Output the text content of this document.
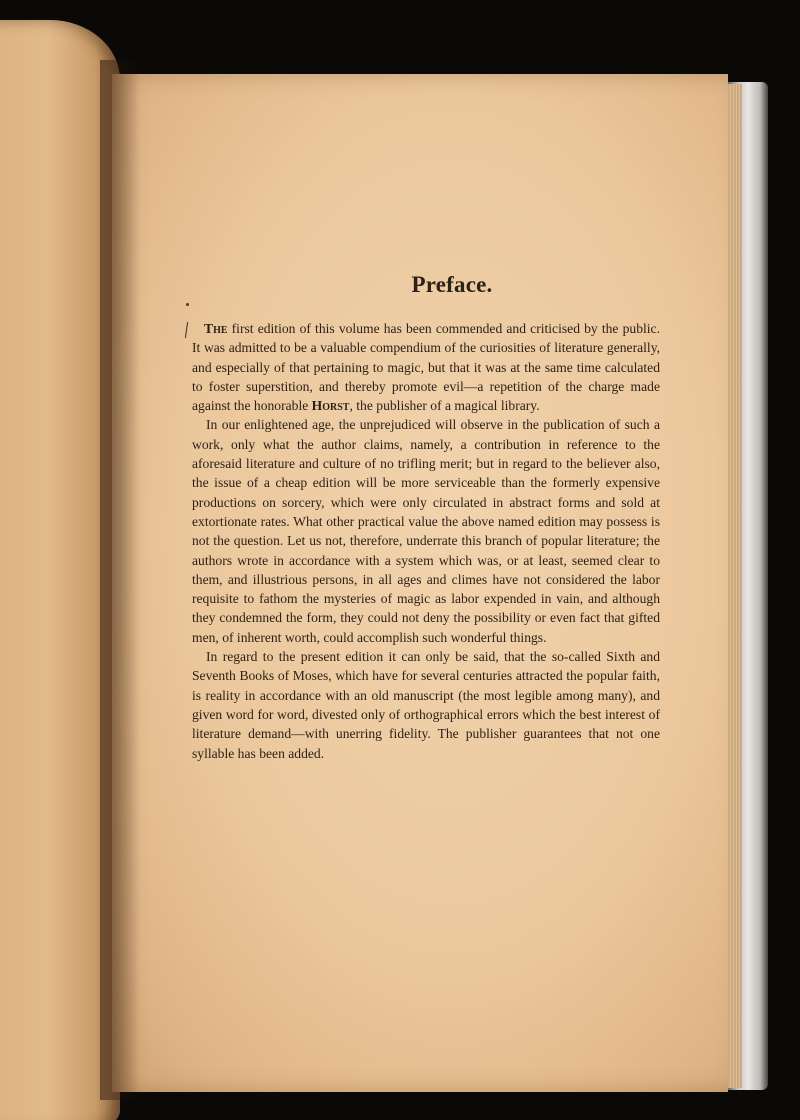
Preface.

The first edition of this volume has been commended and criticised by the public. It was admitted to be a valuable compendium of the curiosities of literature generally, and especially of that pertaining to magic, but that it was at the same time calculated to foster superstition, and thereby promote evil—a repetition of the charge made against the honorable Horst, the publisher of a magical library.

In our enlightened age, the unprejudiced will observe in the publication of such a work, only what the author claims, namely, a contribution in reference to the aforesaid literature and culture of no trifling merit; but in regard to the believer also, the issue of a cheap edition will be more serviceable than the formerly expensive productions on sorcery, which were only circulated in abstract forms and sold at extortionate rates. What other practical value the above named edition may possess is not the question. Let us not, therefore, underrate this branch of popular literature; the authors wrote in accordance with a system which was, or at least, seemed clear to them, and illustrious persons, in all ages and climes have not considered the labor requisite to fathom the mysteries of magic as labor expended in vain, and although they condemned the form, they could not deny the possibility or even fact that gifted men, of inherent worth, could accomplish such wonderful things.

In regard to the present edition it can only be said, that the so-called Sixth and Seventh Books of Moses, which have for several centuries attracted the popular faith, is reality in accordance with an old manuscript (the most legible among many), and given word for word, divested only of orthographical errors which the best interest of literature demand—with unerring fidelity. The publisher guarantees that not one syllable has been added.
